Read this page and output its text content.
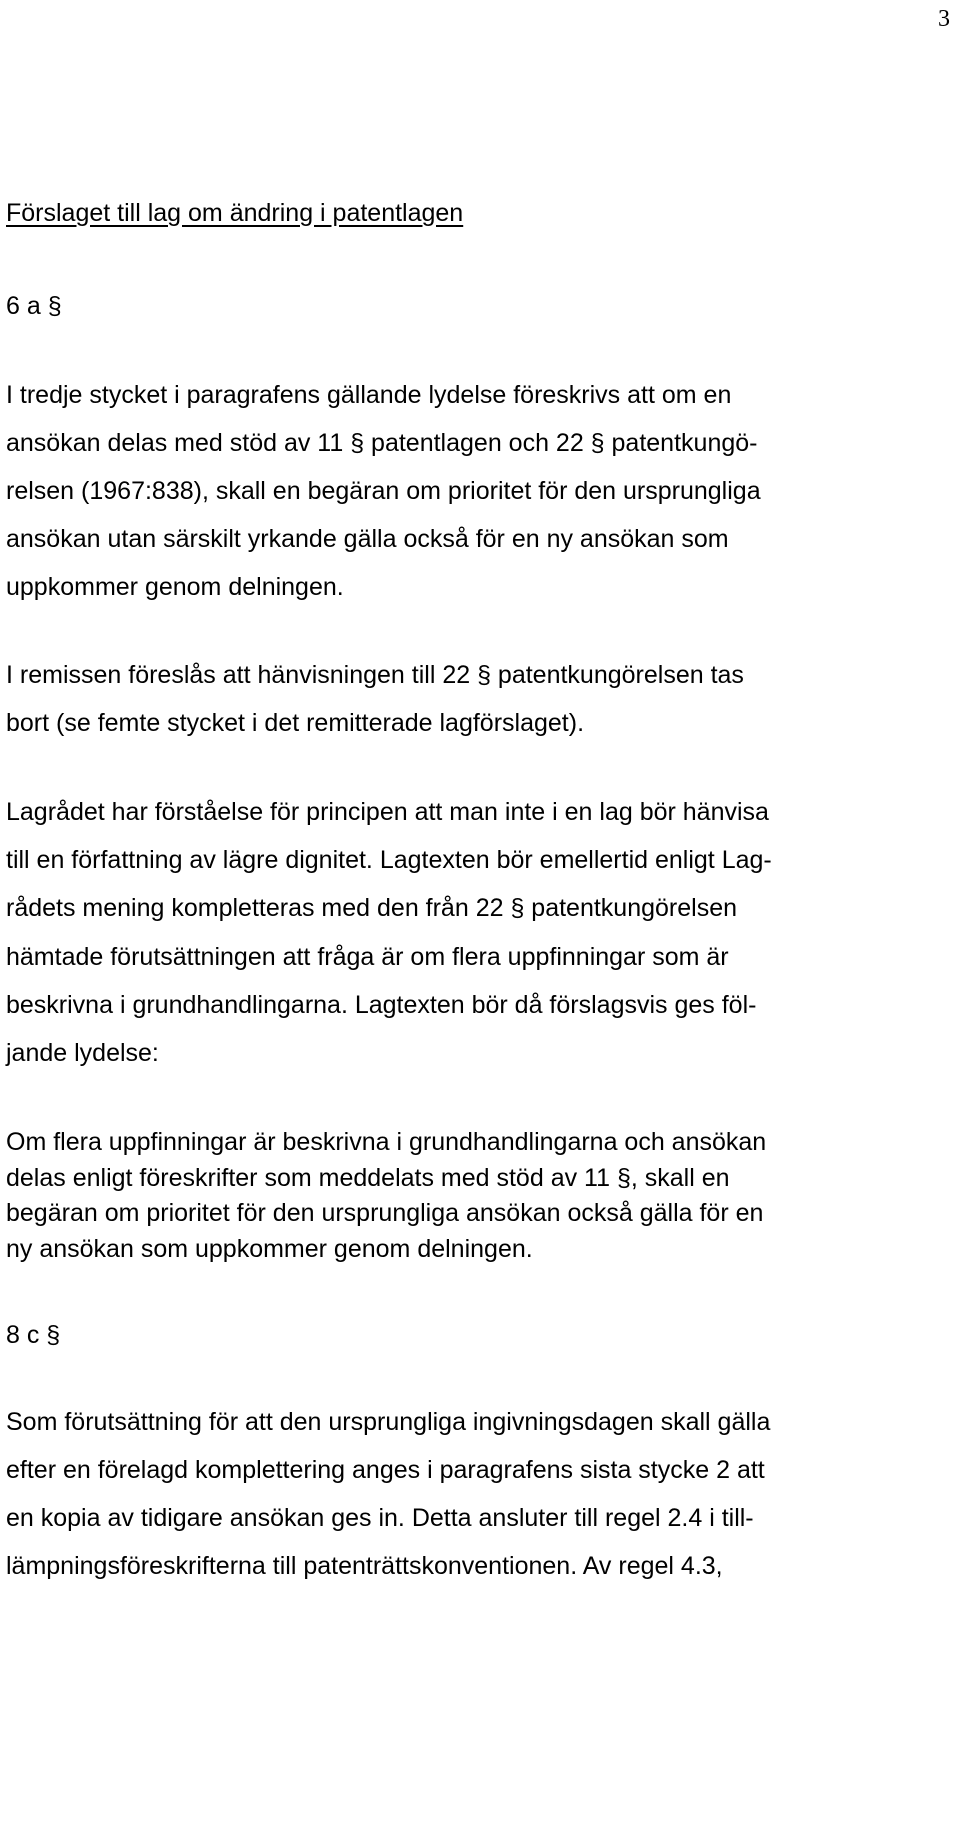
3
Förslaget till lag om ändring i patentlagen
6 a §
I tredje stycket i paragrafens gällande lydelse föreskrivs att om en
ansökan delas med stöd av 11 § patentlagen och 22 § patentkungö-
relsen (1967:838), skall en begäran om prioritet för den ursprungliga
ansökan utan särskilt yrkande gälla också för en ny ansökan som
uppkommer genom delningen.
I remissen föreslås att hänvisningen till 22 § patentkungörelsen tas
bort (se femte stycket i det remitterade lagförslaget).
Lagrådet har förståelse för principen att man inte i en lag bör hänvisa
till en författning av lägre dignitet. Lagtexten bör emellertid enligt Lag-
rådets mening kompletteras med den från 22 § patentkungörelsen
hämtade förutsättningen att fråga är om flera uppfinningar som är
beskrivna i grundhandlingarna. Lagtexten bör då förslagsvis ges föl-
jande lydelse:
Om flera uppfinningar är beskrivna i grundhandlingarna och ansökan
delas enligt föreskrifter som meddelats med stöd av 11 §, skall en
begäran om prioritet för den ursprungliga ansökan också gälla för en
ny ansökan som uppkommer genom delningen.
8 c §
Som förutsättning för att den ursprungliga ingivningsdagen skall gälla
efter en förelagd komplettering anges i paragrafens sista stycke 2 att
en kopia av tidigare ansökan ges in. Detta ansluter till regel 2.4 i till-
lämpningsföreskrifterna till patenträttskonventionen. Av regel 4.3,
